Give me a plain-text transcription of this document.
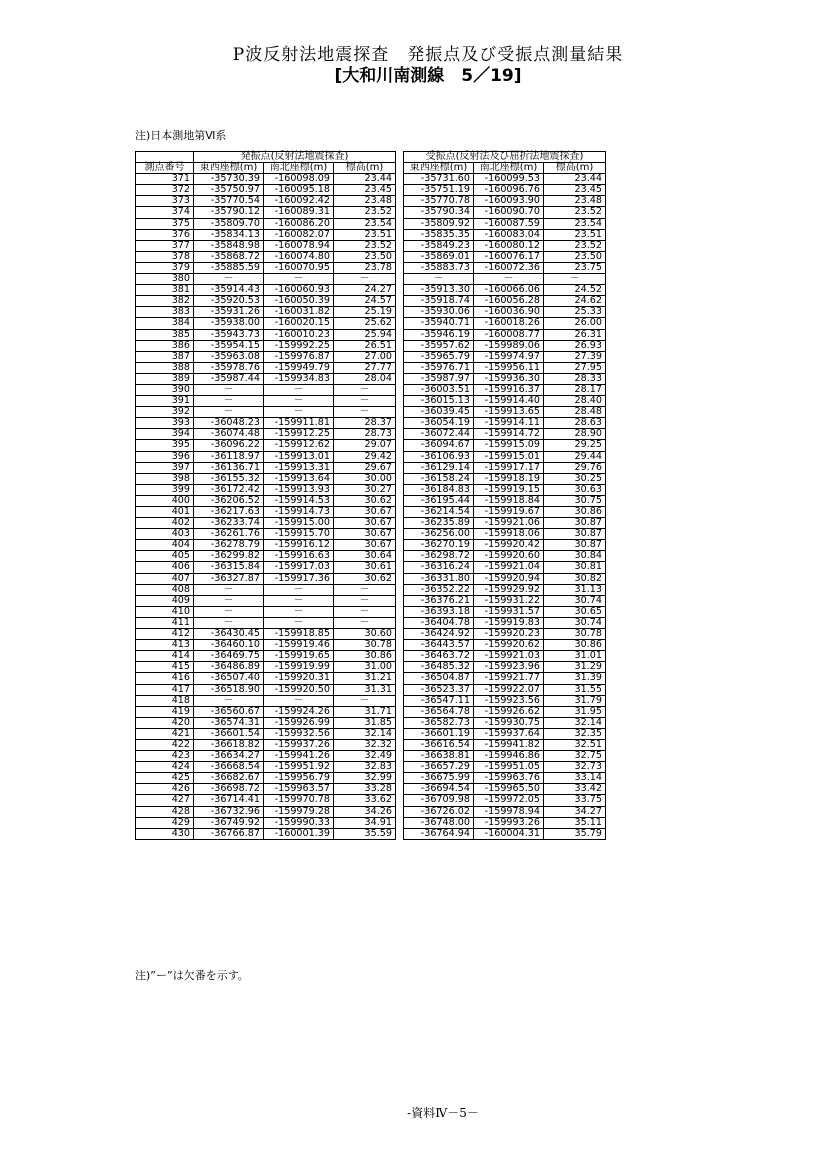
P波反射法地震探査　発振点及び受振点測量結果
[大和川南測線　5／19]
注)日本測地第Ⅵ系
	発振点(反射法地震探査)				受振点(反射法及び屈折法地震探査)		
測点番号	東西座標(m)	南北座標(m)	標高(m)		東西座標(m)	南北座標(m)	標高(m)
371	-35730.39	-160098.09	23.44		-35731.60	-160099.53	23.44
372	-35750.97	-160095.18	23.45		-35751.19	-160096.76	23.45
373	-35770.54	-160092.42	23.48		-35770.78	-160093.90	23.48
374	-35790.12	-160089.31	23.52		-35790.34	-160090.70	23.52
375	-35809.70	-160086.20	23.54		-35809.92	-160087.59	23.54
376	-35834.13	-160082.07	23.51		-35835.35	-160083.04	23.51
377	-35848.98	-160078.94	23.52		-35849.23	-160080.12	23.52
378	-35868.72	-160074.80	23.50		-35869.01	-160076.17	23.50
379	-35885.59	-160070.95	23.78		-35883.73	-160072.36	23.75
380	－	－	－		－	－	－
381	-35914.43	-160060.93	24.27		-35913.30	-160066.06	24.52
382	-35920.53	-160050.39	24.57		-35918.74	-160056.28	24.62
383	-35931.26	-160031.82	25.19		-35930.06	-160036.90	25.33
384	-35938.00	-160020.15	25.62		-35940.71	-160018.26	26.00
385	-35943.73	-160010.23	25.94		-35946.19	-160008.77	26.31
386	-35954.15	-159992.25	26.51		-35957.62	-159989.06	26.93
387	-35963.08	-159976.87	27.00		-35965.79	-159974.97	27.39
388	-35978.76	-159949.79	27.77		-35976.71	-159956.11	27.95
389	-35987.44	-159934.83	28.04		-35987.97	-159936.30	28.33
390	－	－	－		-36003.51	-159916.37	28.17
391	－	－	－		-36015.13	-159914.40	28.40
392	－	－	－		-36039.45	-159913.65	28.48
393	-36048.23	-159911.81	28.37		-36054.19	-159914.11	28.63
394	-36074.48	-159912.25	28.73		-36072.44	-159914.72	28.90
395	-36096.22	-159912.62	29.07		-36094.67	-159915.09	29.25
396	-36118.97	-159913.01	29.42		-36106.93	-159915.01	29.44
397	-36136.71	-159913.31	29.67		-36129.14	-159917.17	29.76
398	-36155.32	-159913.64	30.00		-36158.24	-159918.19	30.25
399	-36172.42	-159913.93	30.27		-36184.83	-159919.15	30.63
400	-36206.52	-159914.53	30.62		-36195.44	-159918.84	30.75
401	-36217.63	-159914.73	30.67		-36214.54	-159919.67	30.86
402	-36233.74	-159915.00	30.67		-36235.89	-159921.06	30.87
403	-36261.76	-159915.70	30.67		-36256.00	-159918.06	30.87
404	-36278.79	-159916.12	30.67		-36270.19	-159920.42	30.87
405	-36299.82	-159916.63	30.64		-36298.72	-159920.60	30.84
406	-36315.84	-159917.03	30.61		-36316.24	-159921.04	30.81
407	-36327.87	-159917.36	30.62		-36331.80	-159920.94	30.82
408	－	－	－		-36352.22	-159929.92	31.13
409	－	－	－		-36376.21	-159931.22	30.74
410	－	－	－		-36393.18	-159931.57	30.65
411	－	－	－		-36404.78	-159919.83	30.74
412	-36430.45	-159918.85	30.60		-36424.92	-159920.23	30.78
413	-36460.10	-159919.46	30.78		-36443.57	-159920.62	30.86
414	-36469.75	-159919.65	30.86		-36463.72	-159921.03	31.01
415	-36486.89	-159919.99	31.00		-36485.32	-159923.96	31.29
416	-36507.40	-159920.31	31.21		-36504.87	-159921.77	31.39
417	-36518.90	-159920.50	31.31		-36523.37	-159922.07	31.55
418	－	－	－		-36547.11	-159923.56	31.79
419	-36560.67	-159924.26	31.71		-36564.78	-159926.62	31.95
420	-36574.31	-159926.99	31.85		-36582.73	-159930.75	32.14
421	-36601.54	-159932.56	32.14		-36601.19	-159937.64	32.35
422	-36618.82	-159937.26	32.32		-36616.54	-159941.82	32.51
423	-36634.27	-159941.26	32.49		-36638.81	-159946.86	32.75
424	-36668.54	-159951.92	32.83		-36657.29	-159951.05	32.73
425	-36682.67	-159956.79	32.99		-36675.99	-159963.76	33.14
426	-36698.72	-159963.57	33.28		-36694.54	-159965.50	33.42
427	-36714.41	-159970.78	33.62		-36709.98	-159972.05	33.75
428	-36732.96	-159979.28	34.26		-36726.02	-159978.94	34.27
429	-36749.92	-159990.33	34.91		-36748.00	-159993.26	35.11
430	-36766.87	-160001.39	35.59		-36764.94	-160004.31	35.79
注)”ー”は欠番を示す。
-資料Ⅳ－5－
